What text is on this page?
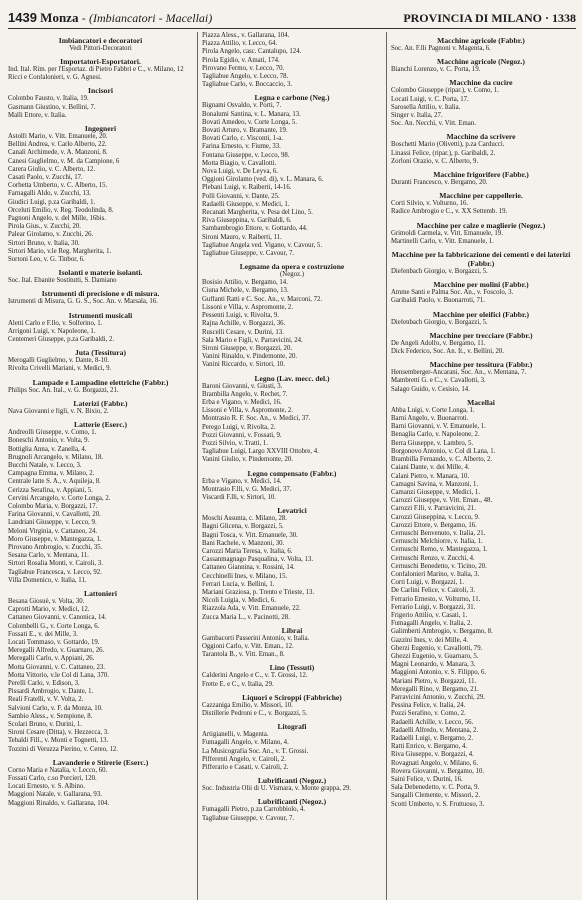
1439 Monza - (Imbiancatori - Macellai)	PROVINCIA DI MILANO · 1338
Imbiancatori e decoratori
Vedi Pittori-Decoratori
Importatori-Esportatori.
Ind. Ital. Rim. per l'Esportaz. di Pietro Fabbri e C., v. Milano, 12
Ricci e Confalonieri, v. G. Agnesi.
Incisori
Colombo Fausto, v. Italia, 19.
Gasmann Giustino, v. Bellini, 7.
Malli Ettore, v. Italia.
Ingegneri
Astolfi Mario, v. Vitt. Emanuele, 20.
Bellini Andrea, v. Carlo Alberto, 22.
Canali Archimede, v. A. Manzoni, 8.
Canesi Guglielmo, v. M. da Campione, 6
Carera Giulio, v. C. Alberto, 12.
Casati Paolo, v. Zucchi, 17.
Corbetta Umberto, v. C. Alberto, 15.
Farnagalli Aldo, v. Zucchi, 13.
Giudici Luigi, p.za Garibaldi, 1.
Orceluti Emilio, v. Reg. Teodolinda, 8.
Pagnoni Angelo, v. del Mille, 16bis.
Pirola Gius., v. Zucchi, 20.
Palear Girolamo, v. Zucchi, 26.
Sirtori Bruno, v. Italia, 30.
Sirtori Mario, v.le Reg. Margherita, 1.
Sortoni Leo, v. G. Tinbor, 6.
Isolanti e materie isolanti.
Soc. Ital. Ebanite Sostitutti, S. Damiano
Istrumenti di precisione e di misura.
Istrumenti di Misura, G. G. S., Soc. An. v. Marsala, 16.
Istrumenti musicali
Aletti Carlo e F.llo, v. Solferino, 1.
Arrigoni Luigi, v. Napoleone, 1.
Centemeri Giuseppe, p.za Garibaldi, 2.
Juta (Tessitura)
Merogalli Guglielmo, v. Dante, 8-10.
Rivolta Crivelli Mariani, v. Medici, 9.
Lampade e Lampadine elettriche (Fabbr.)
Philips Soc. An. Ital., v. G. Borgazzi, 21.
Laterizi (Fabbr.)
Nava Giovanni e figli, v. N. Bixio, 2.
Latterie (Eserc.)
Andreolli Giuseppe, v. Como, 1.
Boneschi Antonio, v. Volta, 9.
Bottiglia Anna, v. Zanella, 4.
Brugnoli Arcangelo, v. Milano, 18.
Bucchi Natale, v. Lecco, 3.
Campagna Emma, v. Milano, 2.
Centrale latte S. A., v. Aquileja, 8.
Cerizza Serafina, v. Appiani, 5.
Cervini Arcangelo, v. Corte Longa, 2.
Colombo Maria, v. Borgazzi, 17.
Farina Giovanni, v. Cavallotti, 20.
Landriani Giuseppe, v. Lecco, 9.
Meloni Virginia, v. Cattaneo, 24.
Moro Giuseppe, v. Mantegazza, 1.
Pirovano Ambrogio, v. Zucchi, 35.
Sesana Carlo, v. Mentana, 11.
Sirtori Rosalia Monti, v. Cairoli, 3.
Tagliabue Francesca, v. Lecco, 92.
Villa Domenico, v. Italia, 11.
Lattonieri
Besana Giosuè, v. Volta, 30.
Caprotti Mario, v. Medici, 12.
Cattaneo Giovanni, v. Canonica, 14.
Colombelli G., v. Corte Longa, 6.
Fossati E., v. dei Mille, 3.
Locati Tommaso, v. Gottardo, 19.
Meregalli Alfredo, v. Guarnaro, 26.
Meregalli Carlo, v. Appiani, 26.
Motta Giovanni, v. C. Cattaneo, 23.
Motta Vittorio, v.le Col di Lana, 370.
Perelli Carlo, v. Edison, 3.
Pissardi Ambrogio, v. Dante, 1.
Reali Fratelli, v. V. Volta, 2.
Salvioni Carlo, v. F. da Monza, 10.
Sambio Aless., v. Sempione, 8.
Scolari Bruno, v. Durini, 1.
Sironi Cesare (Ditta), v. Hezzecca, 3.
Tebaldi Fill., v. Monti e Tognetti, 13.
Tozzini di Veruzza Pierino, v. Cereo, 12.
Lavanderie e Stirerie (Eserc.)
Corno Maria e Natalia, v. Lecco, 60.
Fossati Carlo, c.so Porcieri, 120.
Locati Ernesto, v. S. Albino.
Maggioni Natale, v. Gallarana, 93.
Maggioni Rinaldo, v. Gallarana, 104.
Piazza Aless., v. Gallarana, 104.
Piazza Attilio, v. Lecco, 64.
Pirola Angelo, casc. Cantalupo, 124.
Pirola Egidio, v. Amati, 174.
Pirovano Fermo, v. Lecco, 70.
Tagliabue Angelo, v. Lecco, 78.
Tagliabue Carlo, v. Boccaccio, 3.
Legna e carbone (Neg.)
Bignami Osvaldo, v. Porti, 7.
Bonalumi Santina, v. L. Manara, 13.
Bovati Amedeo, v. Corte Longa, 5.
Bovati Arturo, v. Bramante, 19.
Bovati Carlo, c. Visconti, 1-a.
Farina Ernesto, v. Fiume, 33.
Fontana Giuseppe, v. Lecco, 98.
Motta Biagio, v. Cavallotti.
Nova Luigi, v. De Leyva, 6.
Oggioni Girolamo (ved. di), v. L. Manara, 6.
Plebani Luigi, v. Raiberti, 14-16.
Polli Giovanni, v. Dante, 25.
Radaelli Giuseppe, v. Medici, 1.
Recanati Margherita, v. Pesa del Lino, 5.
Riva Giuseppina, v. Garibaldi, 6.
Sambambrogio Ettore, v. Gottardo, 44.
Sironi Mauro, v. Raiberti, 11.
Tagliabue Angela ved. Vigano, v. Cavour, 5.
Tagliabue Giuseppe, v. Cavour, 7.
Legname da opera e costruzione
(Negoz.)
Bosisio Attilio, v. Bergamo, 14.
Ciuna Michele, v. Bergamo, 13.
Guffanti Ratti e C. Soc. An., v. Marconi, 72.
Lissoni e Villa, v. Aspromonte, 2.
Pessenti Luigi, v. Rivolta, 9.
Rajna Achille, v. Borgazzi, 36.
Ruscelli Cesare, v. Durini, 13.
Sala Mario e Figli, v. Parravicini, 24.
Sironi Giuseppe, v. Borgazzi, 20.
Vanini Rinaldo, v. Pindemonte, 20.
Vanini Riccardo, v. Sirtori, 10.
Legno (Lav. mecc. del.)
Baroni Giovanni, v. Giusti, 3.
Brambilla Angelo, v. Rechet, 7.
Erba e Vigano, v. Medici, 16.
Lissoni e Villa, v. Aspromonte, 2.
Montrasio R. F. Soc. An., v. Medici, 37.
Perego Luigi, v. Rivolta, 2.
Pozzi Giovanni, v. Fossati, 9.
Pozzi Silvio, v. Tratti, 1.
Tagliabue Luigi, Largo XXVIII Ottobre, 4.
Vanini Giulio, v. Pindemonte, 20.
Legno compensato (Fabbr.)
Erba e Vigano, v. Medici, 14.
Montrasio F.lli, v. G. Medici, 37.
Viscardi F.lli, v. Sirtori, 10.
Levatrici
Moschi Assunta, c. Milano, 28.
Bagni Glicena, v. Borgazzi, 5.
Bagni Tosca, v. Vitt. Emanuele, 30.
Bani Rachele, v. Manzoni, 30.
Carozzi Maria Teresa, v. Italia, 6.
Cassanmagnago Pasqualina, v. Volta, 13.
Cattaneo Giannina, v. Rossini, 14.
Cecchinelli Ines, v. Milano, 15.
Ferrari Lucia, v. Bellini, 1.
Mariani Graziosa, p. Trento e Trieste, 13.
Nicoli Luigia, v. Medici, 6.
Riazzola Ada, v. Vitt. Emanuele, 22.
Zucca Maria L., v. Pacinotti, 28.
Librai
Gambacorti Passerini Antonio, v. Italia.
Oggioni Carlo, v. Vitt. Eman., 12.
Tarantola B., v. Vitt. Eman., 8.
Lino (Tessuti)
Calderini Angelo e C., v. T. Grossi, 12.
Frette E. e C., v. Italia, 29.
Liquori e Sciroppi (Fabbriche)
Cazzaniga Emilio, v. Missori, 10.
Distillerie Pedroni e C., v. Borgazzi, 5.
Litografi
Artigianelli, v. Magenta.
Fumagalli Angelo, v. Milano, 4.
La Musicografia Soc. An., v. T. Grossi.
Pifferenti Angelo, v. Cairoli, 2.
Pifferario e Casati, v. Cairoli, 2.
Lubrificanti (Negoz.)
Soc. Industria Olii di U. Vismara, v. Monte grappa, 29.
Lubrificanti (Negoz.)
Fumagalli Pietro, p.za Carrobbiolo, 4.
Tagliabue Giuseppe, v. Cavour, 7.
Macchine agricole (Fabbr.)
Soc. An. F.lli Pagnoni v. Magenta, 6.
Macchine agricole (Negoz.)
Bianchi Lorenzo, v. C. Porta, 19.
Macchine da cucire
Colombo Giuseppe (ripar.), v. Como, 1.
Locati Luigi, v. C. Porta, 17.
Sarosella Attilio, v. Italia.
Singer v. Italia, 27.
Soc. An. Necchi, v. Vitt. Eman.
Macchine da scrivere
Boschetti Mario (Olivetti), p.za Carducci.
Linassi Felice, (ripar.), p. Garibaldi, 2.
Zorloni Orazio, v. C. Alberto, 9.
Macchine frigorifere (Fabbr.)
Duranti Francesco, v. Bergamo, 20.
Macchine per cappellerie.
Corti Silvio, v. Volturno, 16.
Radice Ambrogio e C., v. XX Settemb. 19.
Macchine per calze e maglierie (Negoz.)
Grimoldi Carmela, v. Vitt. Emanuele, 19.
Martinelli Carlo, v. Vitt. Emanuele, 1.
Macchine per la fabbricazione dei cementi e dei laterizi (Fabbr.)
Diefenbach Giorgio, v. Borgazzi, 5.
Macchine per molini (Fabbr.)
Amme Santi e Palma Soc. An., v. Foscolo, 3.
Garibaldi Paolo, v. Buonarroti, 71.
Macchine per oleifici (Fabbr.)
Diefenbach Giorgio, v. Borgazzi, 5.
Macchine per trecciare (Fabbr.)
De Angeli Adolfo, v. Bergamo, 11.
Dick Federico, Soc. An. It., v. Bellini, 20.
Macchine per tessitura (Fabbr.)
Hensemberger-Ancarani, Soc. An., v. Mentana, 7.
Mambretti G. e C., v. Cavallotti, 3.
Salago Guido, v. Cesisio, 14.
Macellai
Abba Luigi, v. Corte Longa, 1.
Barni Angelo, v. Buonarroti.
Barni Giovanni, v. V. Emanuele, 1.
Benaglia Carlo, v. Napoleone, 2.
Berra Giuseppe, v. Lambro, 5.
Borgonovo Antonio, v. Col di Lana, 1.
Brambilla Fernando, v. C. Alberto, 2.
Caiani Dante, v. dei Mille, 4.
Calani Pietro, v. Manara, 10.
Camagni Savina, v. Manzoni, 1.
Camanzi Giuseppe, v. Medici, 1.
Carozzi Giuseppe, v. Vitt. Eman., 48.
Carozzi F.lli, v. Parravicini, 21.
Carozzi Giuseppina, v. Lecco, 9.
Carozzi Ettore, v. Bergamo, 16.
Cernuschi Benvenuto, v. Italia, 21.
Cernuschi Melchiorre, v. Italia, 1.
Cernuschi Remo, v. Mantegazza, 1.
Cernuschi Renzo, v. Zucchi, 4.
Cernuschi Benedetto, v. Ticino, 20.
Confalonieri Marino, v. Italia, 3.
Corti Luigi, v. Borgazzi, 1.
De Carlini Felice, v. Cairoli, 3.
Ferrario Ernesto, v. Volturno, 11.
Ferrario Luigi, v. Borgazzi, 31.
Frigerio Attilio, v. Casati, 1.
Fumagalli Angelo, v. Italia, 2.
Galimberti Ambrogio, v. Bergamo, 8.
Gazzini Ines, v. dei Mille, 4.
Gherzi Eugenio, v. Cavallotti, 79.
Ghezzi Eugenio, v. Guarnaro, 5.
Magni Leonardo, v. Manara, 3.
Maggioni Antonio, v. S. Filippo, 6.
Mariani Pietro, v. Borgazzi, 11.
Meregalli Rino, v. Bergamo, 21.
Parravicini Antonio, v. Zucchi, 29.
Pessina Felice, v. Italia, 24.
Pozzi Serafino, v. Como, 2.
Radaelli Achille, v. Lecco, 56.
Radaelli Alfredo, v. Mentana, 2.
Radaelli Luigi, v. Bergamo, 2.
Ratti Enrico, v. Bergamo, 4.
Riva Giuseppe, v. Borgazzi, 4.
Rovagnati Angelo, v. Milano, 6.
Rovera Giovanni, v. Bergamo, 10.
Saini Felice, v. Durini, 16.
Sala Debenedetto, v. C. Porta, 9.
Sangalli Clemente, v. Missori, 2.
Scotti Umberto, v. S. Fruttuoso, 3.
